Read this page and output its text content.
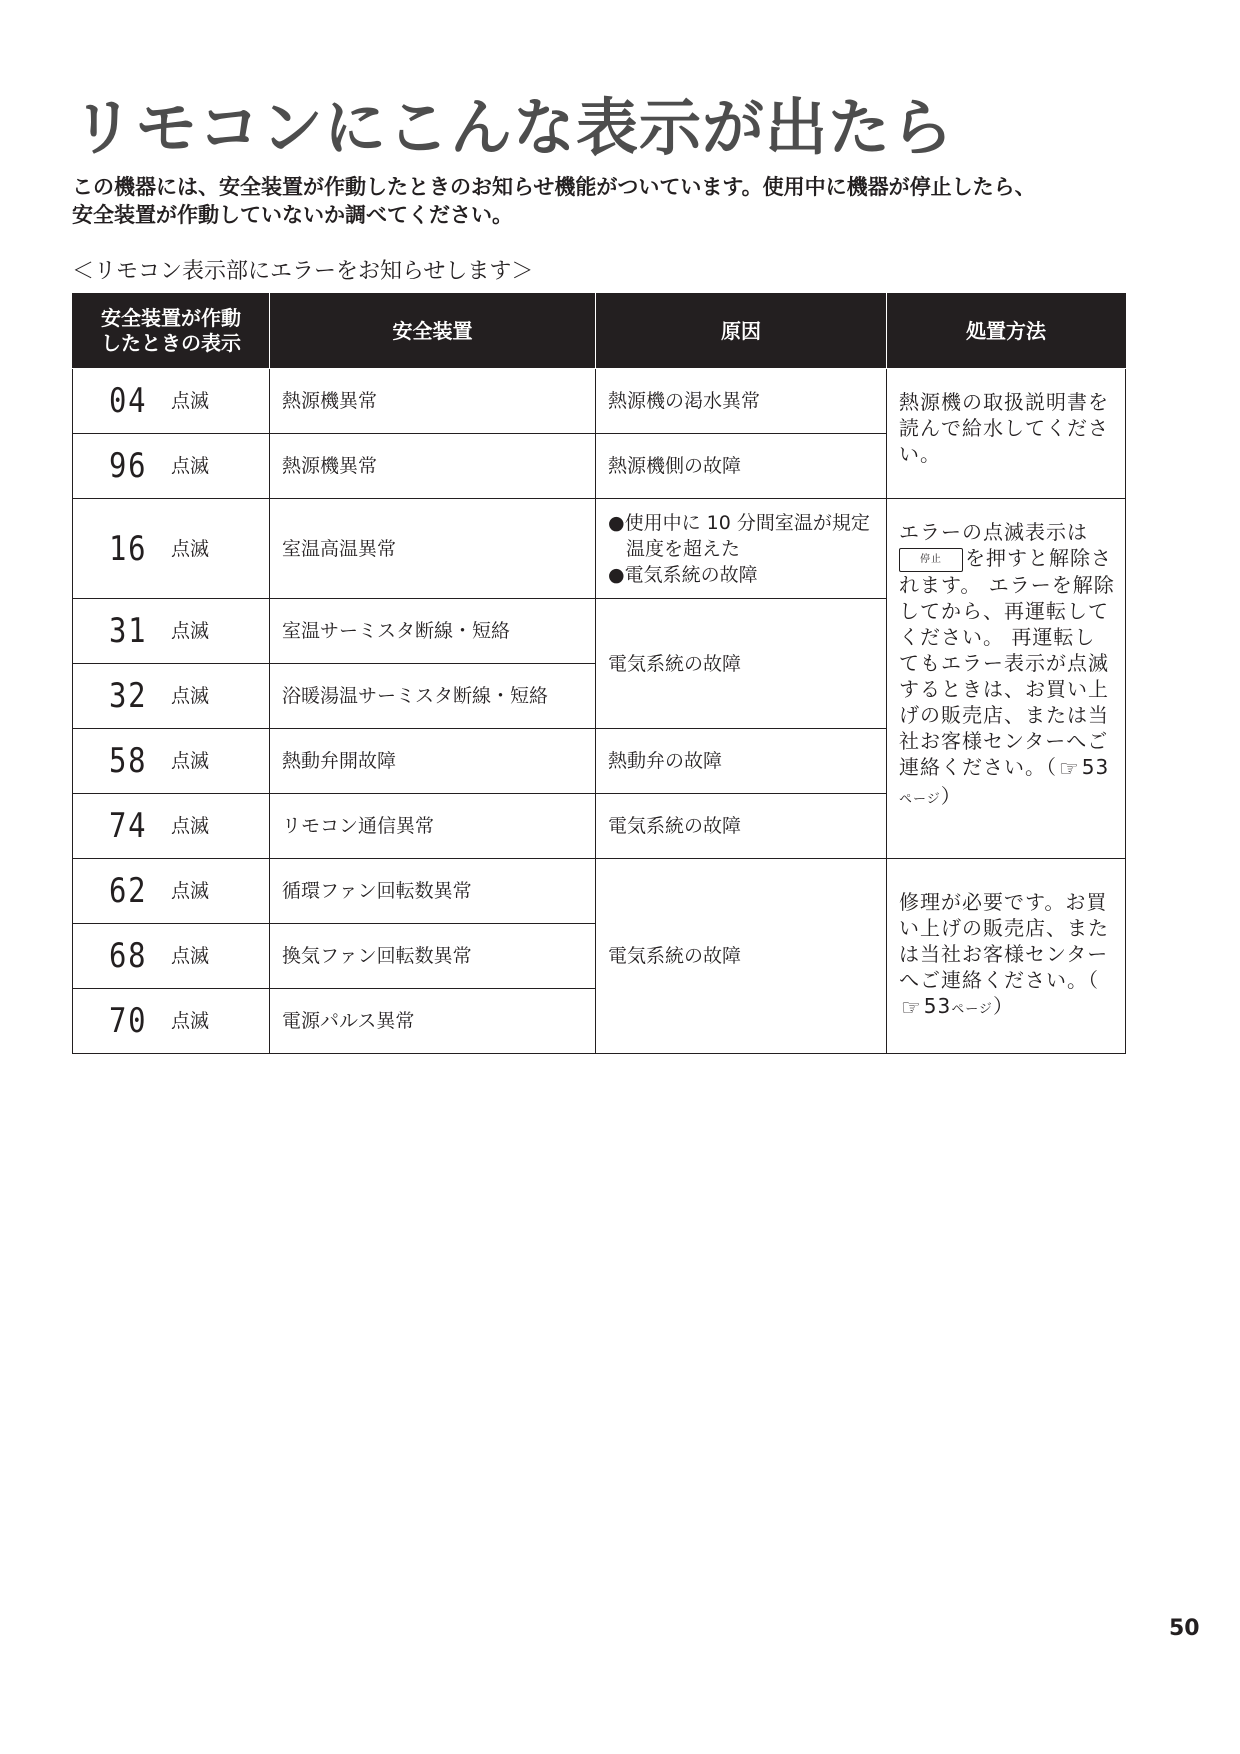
リモコンにこんな表示が出たら
この機器には、安全装置が作動したときのお知らせ機能がついています。使用中に機器が停止したら、
安全装置が作動していないか調べてください。
＜リモコン表示部にエラーをお知らせします＞
安全装置が作動
したときの表示	安全装置	原因	処置方法
04 点滅	熱源機異常	熱源機の渇水異常	熱源機の取扱説明書を読んで給水してください。
96 点滅	熱源機異常	熱源機側の故障	
16 点滅	室温高温異常	●使用中に 10 分間室温が規定温度を超えた
●電気系統の故障	エラーの点滅表示は
停止 を押すと解除されます。 エラーを解除してから、再運転してください。 再運転してもエラー表示が点滅するときは、お買い上げの販売店、または当社お客様センターへご連絡ください。（☞ 53ページ）
31 点滅	室温サーミスタ断線・短絡	電気系統の故障	
32 点滅	浴暖湯温サーミスタ断線・短絡		
58 点滅	熱動弁開故障	熱動弁の故障	
74 点滅	リモコン通信異常	電気系統の故障	
62 点滅	循環ファン回転数異常	電気系統の故障	修理が必要です。お買い上げの販売店、または当社お客様センターへご連絡ください。（☞ 53ページ）
68 点滅	換気ファン回転数異常		
70 点滅	電源パルス異常		
50
